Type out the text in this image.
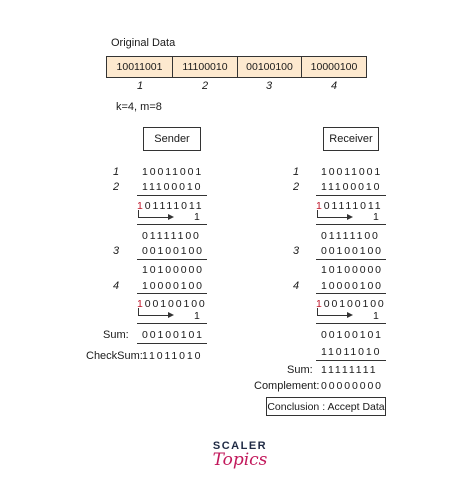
Original Data
10011001	11100010	00100100	10000100
1	2	3	4
k=4, m=8
Sender
1 10011001
2 11100010
101111011
1
01111100
3 00100100
10100000
4 10000100
100100100
1
Sum: 00100101
CheckSum: 11011010
Receiver
1 10011001
2 11100010
101111011
1
01111100
3 00100100
10100000
4 10000100
100100100
1
00100101
11011010
Sum: 11111111
Complement: 00000000
Conclusion : Accept Data
SCALER
Topics
